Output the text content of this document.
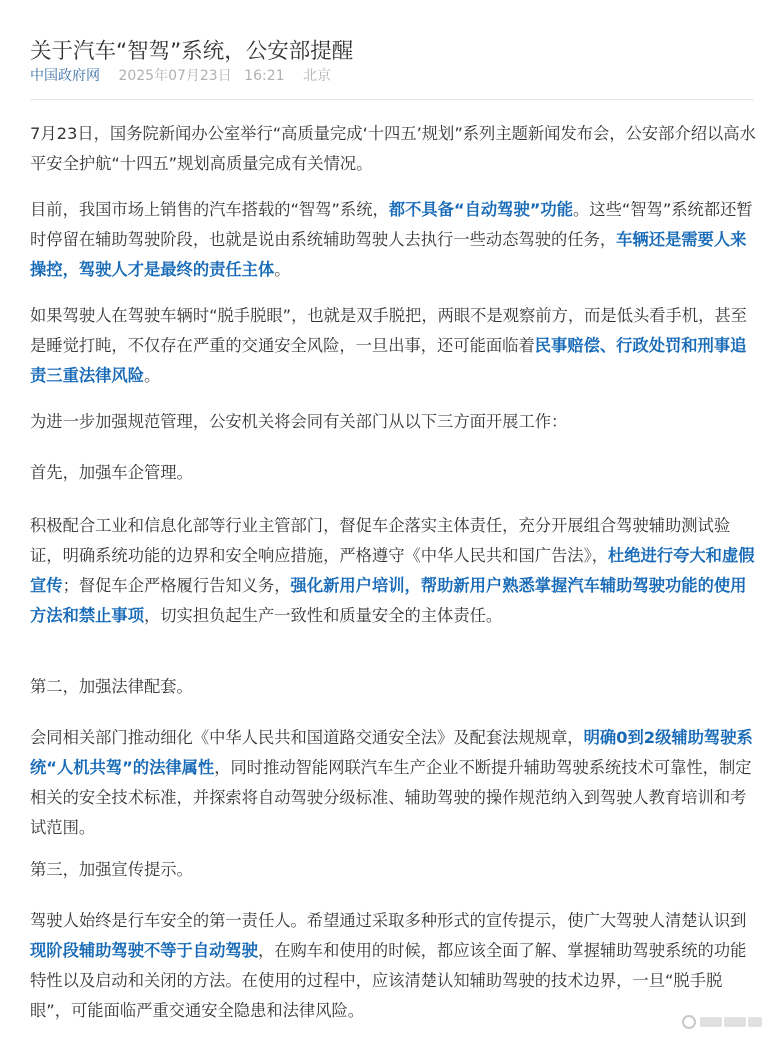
关于汽车“智驾”系统，公安部提醒
中国政府网 2025年07月23日 16:21 北京
7月23日，国务院新闻办公室举行“高质量完成‘十四五’规划”系列主题新闻发布会，公安部介绍以高水平安全护航“十四五”规划高质量完成有关情况。
目前，我国市场上销售的汽车搭载的“智驾”系统，都不具备“自动驾驶”功能。这些“智驾”系统都还暂时停留在辅助驾驶阶段，也就是说由系统辅助驾驶人去执行一些动态驾驶的任务，车辆还是需要人来操控，驾驶人才是最终的责任主体。
如果驾驶人在驾驶车辆时“脱手脱眼”，也就是双手脱把，两眼不是观察前方，而是低头看手机，甚至是睡觉打盹，不仅存在严重的交通安全风险，一旦出事，还可能面临着民事赔偿、行政处罚和刑事追责三重法律风险。
为进一步加强规范管理，公安机关将会同有关部门从以下三方面开展工作：
首先，加强车企管理。
积极配合工业和信息化部等行业主管部门，督促车企落实主体责任，充分开展组合驾驶辅助测试验证，明确系统功能的边界和安全响应措施，严格遵守《中华人民共和国广告法》，杜绝进行夸大和虚假宣传；督促车企严格履行告知义务，强化新用户培训，帮助新用户熟悉掌握汽车辅助驾驶功能的使用方法和禁止事项，切实担负起生产一致性和质量安全的主体责任。
第二，加强法律配套。
会同相关部门推动细化《中华人民共和国道路交通安全法》及配套法规规章，明确0到2级辅助驾驶系统“人机共驾”的法律属性，同时推动智能网联汽车生产企业不断提升辅助驾驶系统技术可靠性，制定相关的安全技术标准，并探索将自动驾驶分级标准、辅助驾驶的操作规范纳入到驾驶人教育培训和考试范围。
第三，加强宣传提示。
驾驶人始终是行车安全的第一责任人。希望通过采取多种形式的宣传提示，使广大驾驶人清楚认识到现阶段辅助驾驶不等于自动驾驶，在购车和使用的时候，都应该全面了解、掌握辅助驾驶系统的功能特性以及启动和关闭的方法。在使用的过程中，应该清楚认知辅助驾驶的技术边界，一旦“脱手脱眼”，可能面临严重交通安全隐患和法律风险。
